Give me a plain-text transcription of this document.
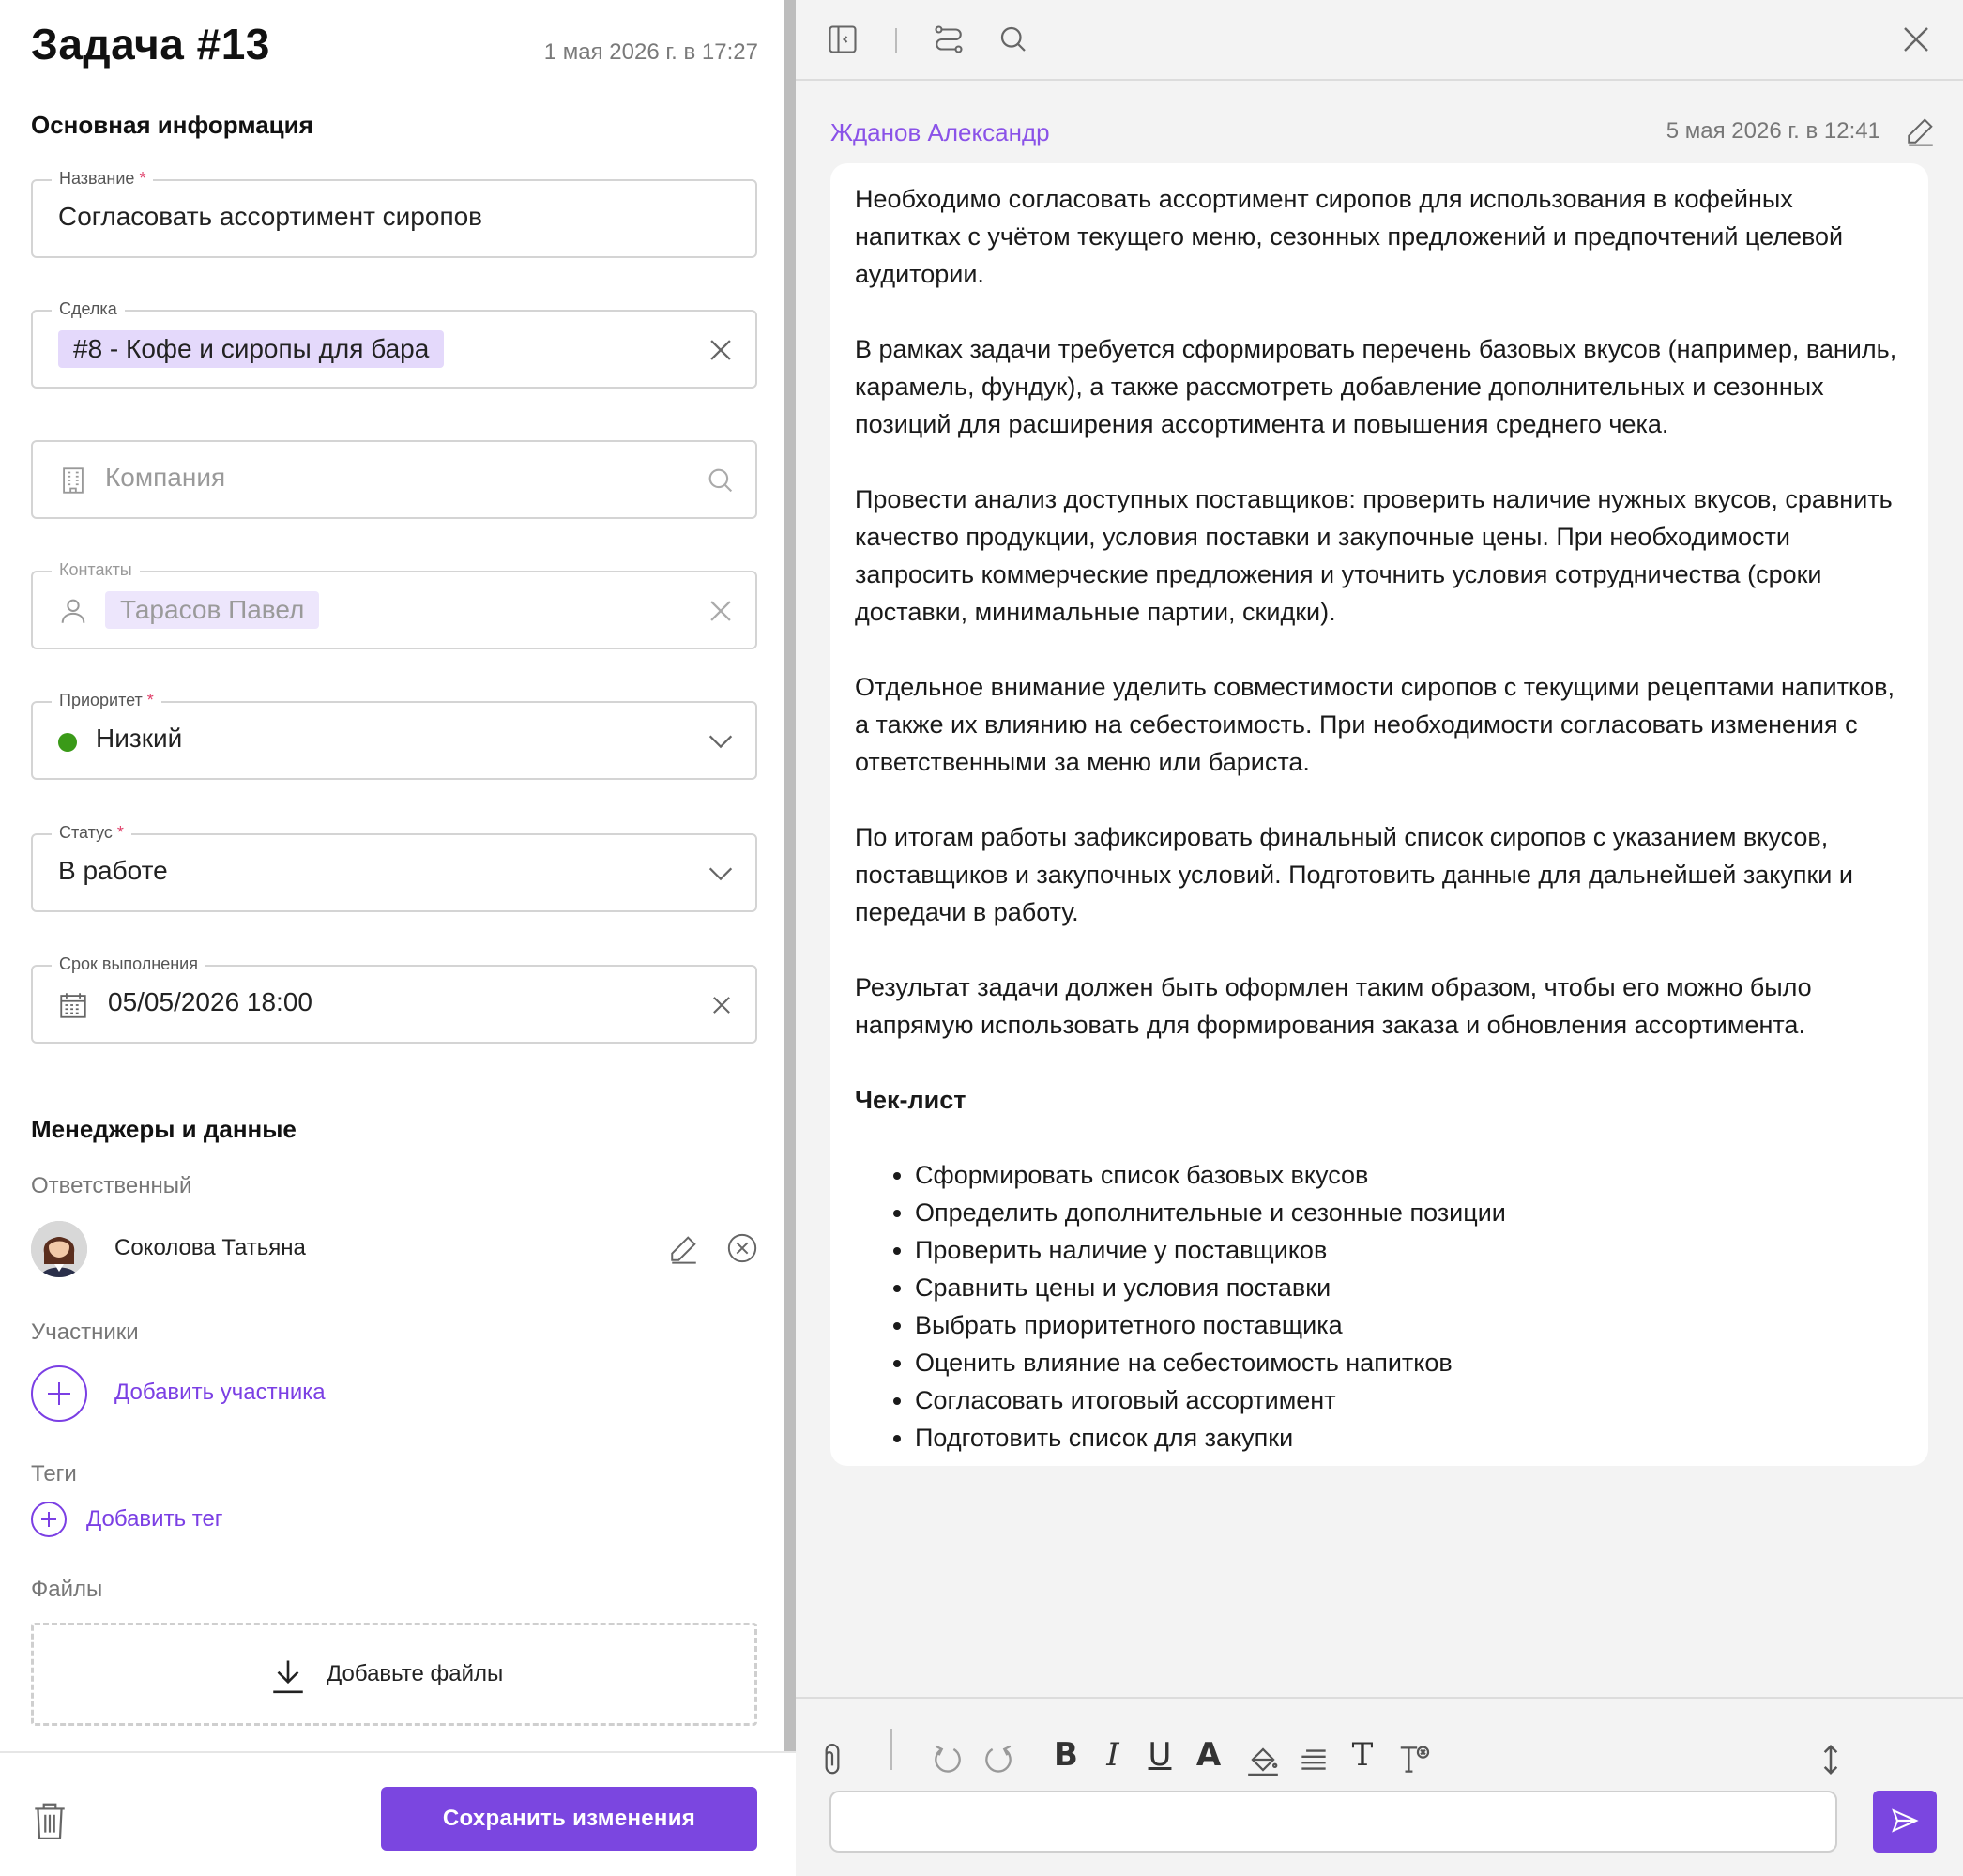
Задача #13	1 мая 2026 г. в 17:27
Основная информация
Название *
Согласовать ассортимент сиропов
Сделка
#8 - Кофе и сиропы для бара
Компания
Контакты
Тарасов Павел
Приоритет *
Низкий
Статус *
В работе
Срок выполнения
05/05/2026 18:00
Менеджеры и данные
Ответственный
Соколова Татьяна
Участники
Добавить участника
Теги
Добавить тег
Файлы
Добавьте файлы
Сохранить изменения
Жданов Александр	5 мая 2026 г. в 12:41

Необходимо согласовать ассортимент сиропов для использования в кофейных напитках с учётом текущего меню, сезонных предложений и предпочтений целевой аудитории.

В рамках задачи требуется сформировать перечень базовых вкусов (например, ваниль, карамель, фундук), а также рассмотреть добавление дополнительных и сезонных позиций для расширения ассортимента и повышения среднего чека.

Провести анализ доступных поставщиков: проверить наличие нужных вкусов, сравнить качество продукции, условия поставки и закупочные цены. При необходимости запросить коммерческие предложения и уточнить условия сотрудничества (сроки доставки, минимальные партии, скидки).

Отдельное внимание уделить совместимости сиропов с текущими рецептами напитков, а также их влиянию на себестоимость. При необходимости согласовать изменения с ответственными за меню или бариста.

По итогам работы зафиксировать финальный список сиропов с указанием вкусов, поставщиков и закупочных условий. Подготовить данные для дальнейшей закупки и передачи в работу.

Результат задачи должен быть оформлен таким образом, чтобы его можно было напрямую использовать для формирования заказа и обновления ассортимента.

Чек-лист
• Сформировать список базовых вкусов
• Определить дополнительные и сезонные позиции
• Проверить наличие у поставщиков
• Сравнить цены и условия поставки
• Выбрать приоритетного поставщика
• Оценить влияние на себестоимость напитков
• Согласовать итоговый ассортимент
• Подготовить список для закупки
B I U A	T
